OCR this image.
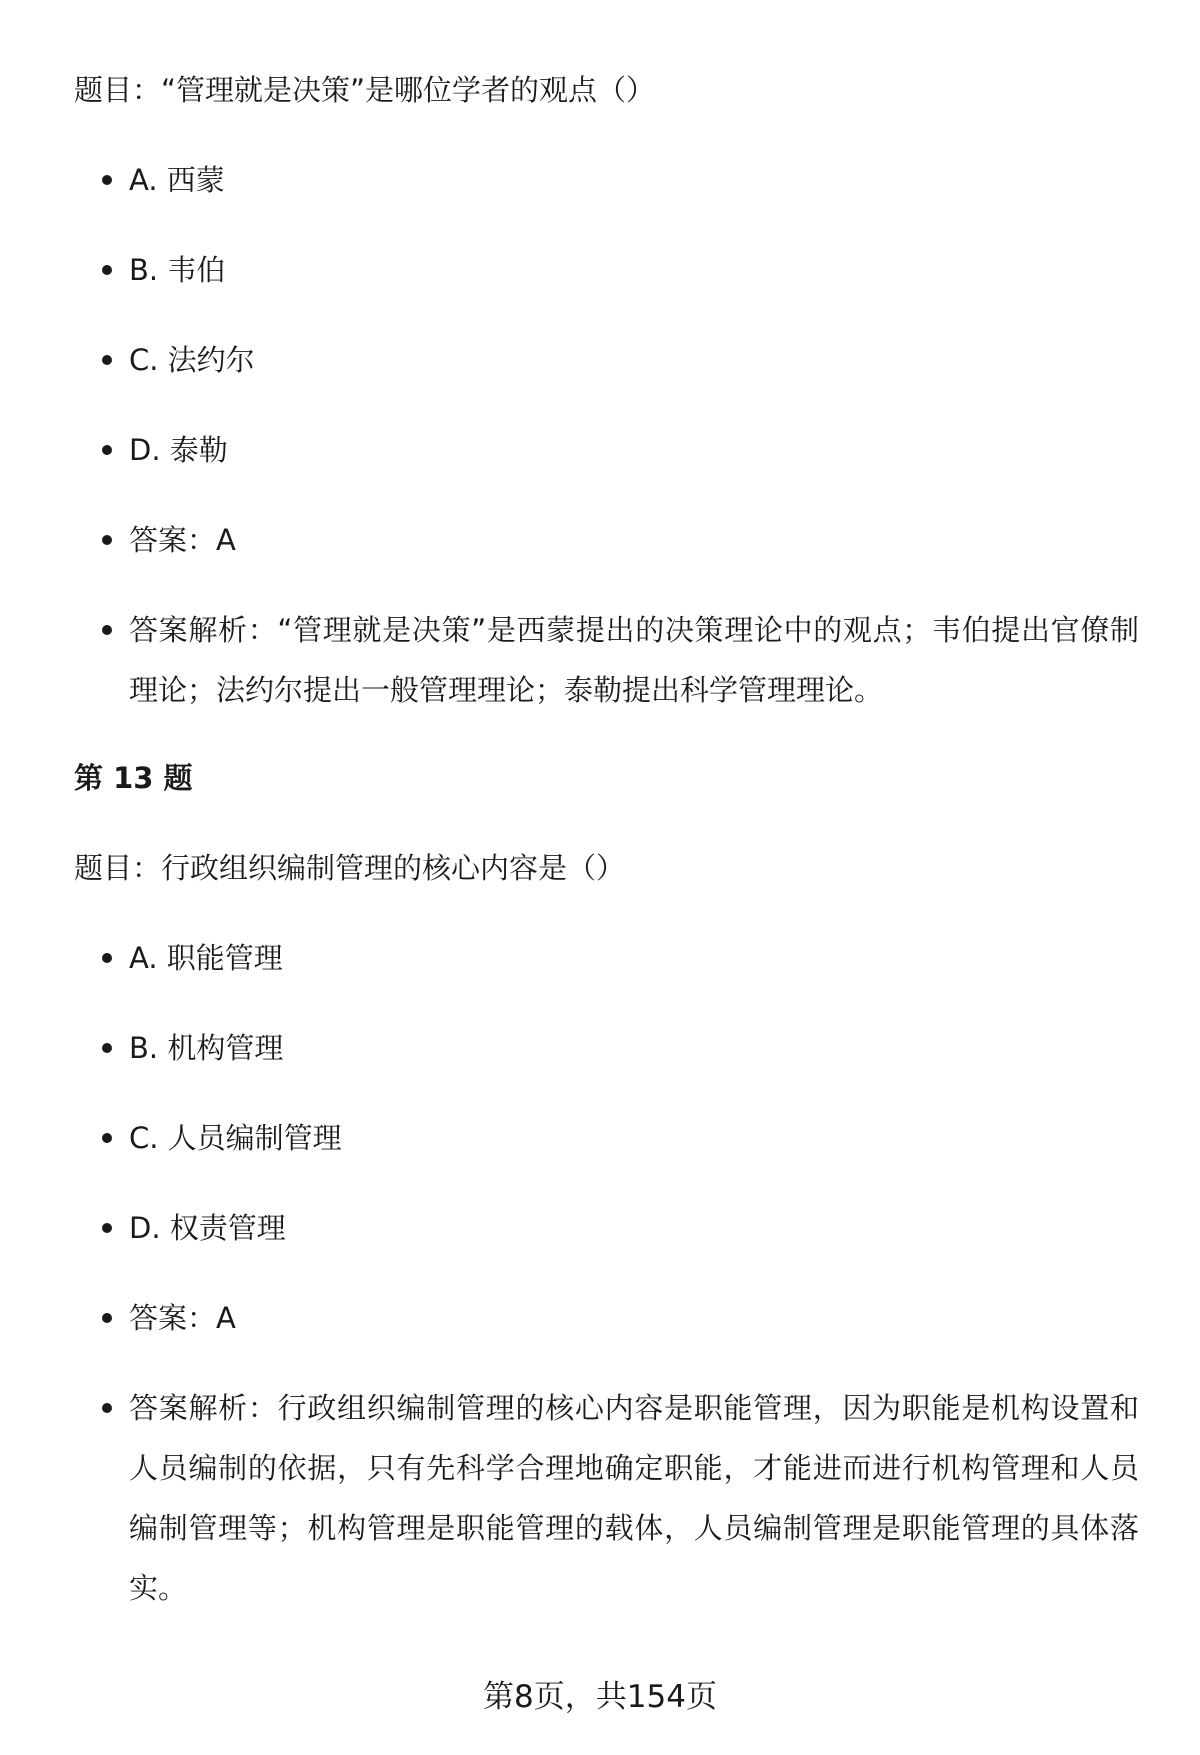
题目：“管理就是决策”是哪位学者的观点（）
A. 西蒙
B. 韦伯
C. 法约尔
D. 泰勒
答案：A
答案解析：“管理就是决策”是西蒙提出的决策理论中的观点；韦伯提出官僚制理论；法约尔提出一般管理理论；泰勒提出科学管理理论。
第 13 题
题目：行政组织编制管理的核心内容是（）
A. 职能管理
B. 机构管理
C. 人员编制管理
D. 权责管理
答案：A
答案解析：行政组织编制管理的核心内容是职能管理，因为职能是机构设置和人员编制的依据，只有先科学合理地确定职能，才能进而进行机构管理和人员编制管理等；机构管理是职能管理的载体，人员编制管理是职能管理的具体落实。
第8页，共154页
